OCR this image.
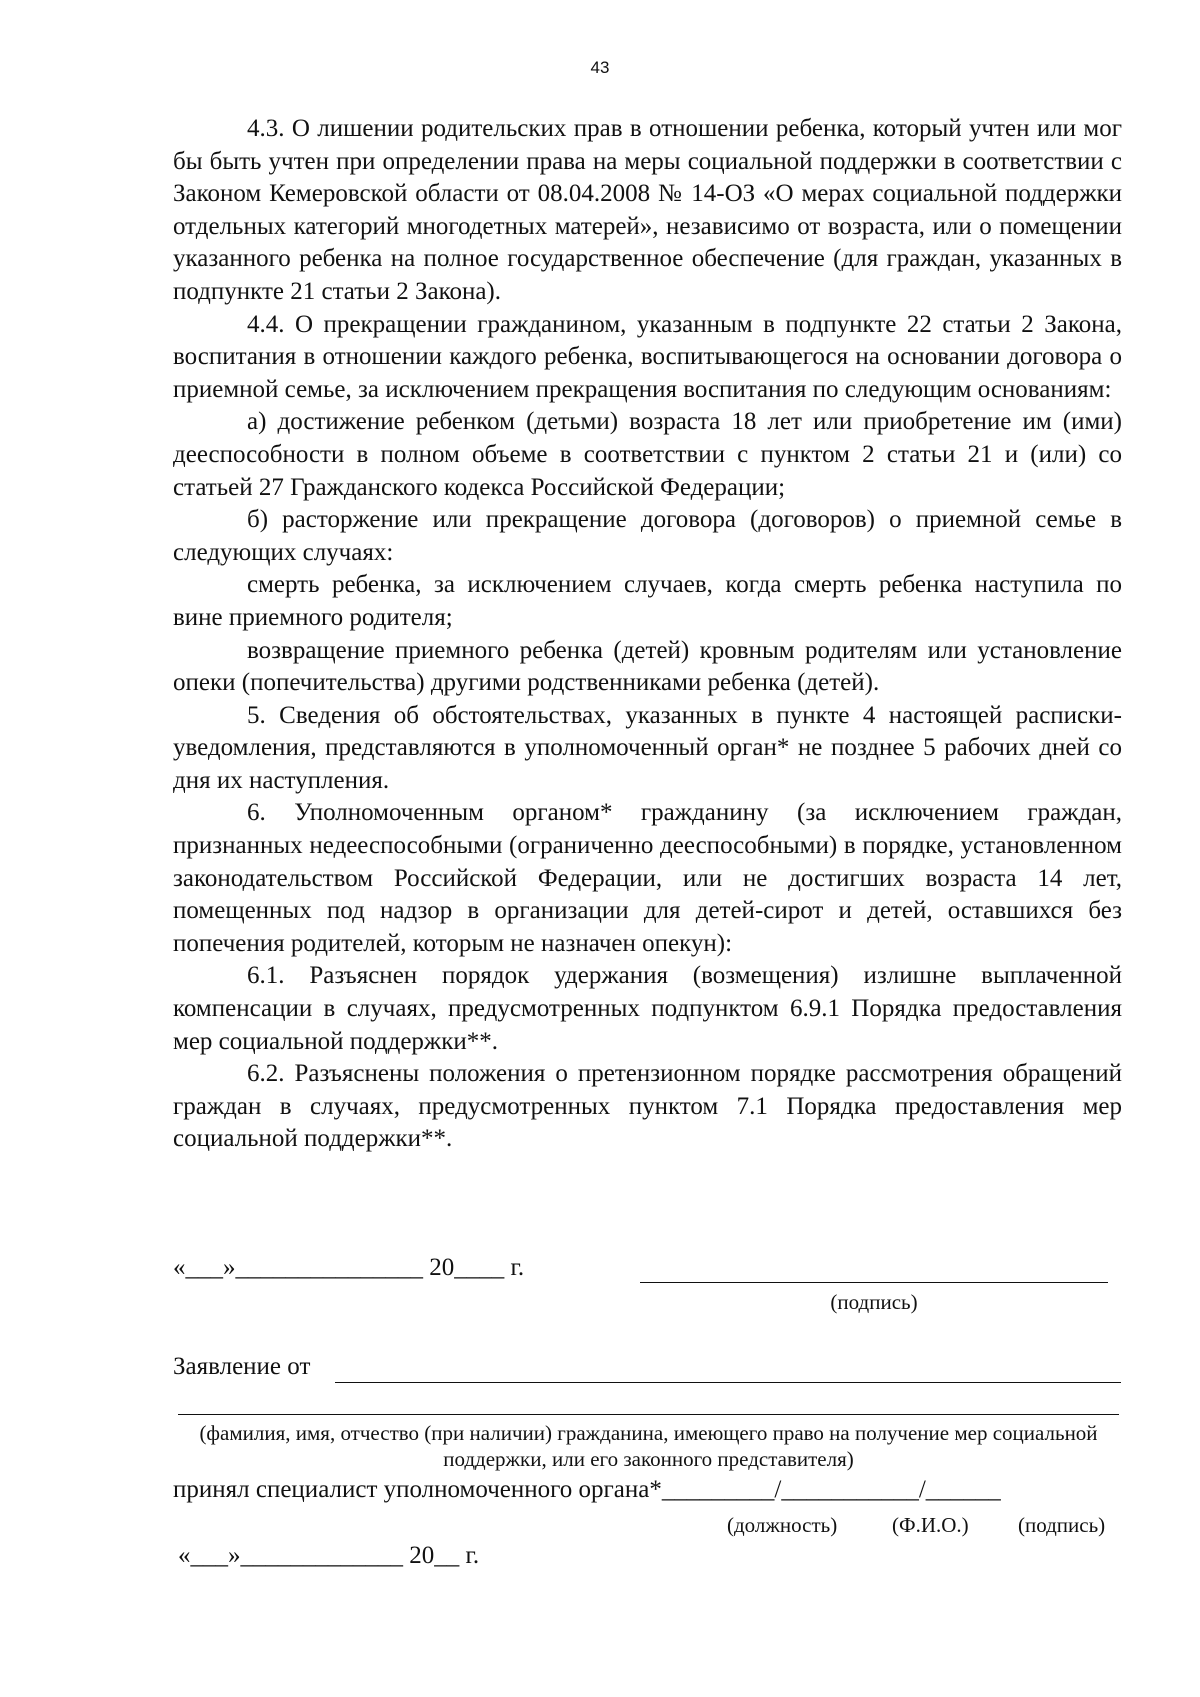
43

4.3. О лишении родительских прав в отношении ребенка, который учтен или мог бы быть учтен при определении права на меры социальной поддержки в соответствии с Законом Кемеровской области от 08.04.2008 № 14-ОЗ «О мерах социальной поддержки отдельных категорий многодетных матерей», независимо от возраста, или о помещении указанного ребенка на полное государственное обеспечение (для граждан, указанных в подпункте 21 статьи 2 Закона).

4.4. О прекращении гражданином, указанным в подпункте 22 статьи 2 Закона, воспитания в отношении каждого ребенка, воспитывающегося на основании договора о приемной семье, за исключением прекращения воспитания по следующим основаниям:

а) достижение ребенком (детьми) возраста 18 лет или приобретение им (ими) дееспособности в полном объеме в соответствии с пунктом 2 статьи 21 и (или) со статьей 27 Гражданского кодекса Российской Федерации;

б) расторжение или прекращение договора (договоров) о приемной семье в следующих случаях:

смерть ребенка, за исключением случаев, когда смерть ребенка наступила по вине приемного родителя;

возвращение приемного ребенка (детей) кровным родителям или установление опеки (попечительства) другими родственниками ребенка (детей).

5. Сведения об обстоятельствах, указанных в пункте 4 настоящей расписки-уведомления, представляются в уполномоченный орган* не позднее 5 рабочих дней со дня их наступления.

6. Уполномоченным органом* гражданину (за исключением граждан, признанных недееспособными (ограниченно дееспособными) в порядке, установленном законодательством Российской Федерации, или не достигших возраста 14 лет, помещенных под надзор в организации для детей-сирот и детей, оставшихся без попечения родителей, которым не назначен опекун):

6.1. Разъяснен порядок удержания (возмещения) излишне выплаченной компенсации в случаях, предусмотренных подпунктом 6.9.1 Порядка предоставления мер социальной поддержки**.

6.2. Разъяснены положения о претензионном порядке рассмотрения обращений граждан в случаях, предусмотренных пунктом 7.1 Порядка предоставления мер социальной поддержки**.

«___»_______________ 20____ г.
(подпись)
Заявление от
(фамилия, имя, отчество (при наличии) гражданина, имеющего право на получение мер социальной поддержки, или его законного представителя)
принял специалист уполномоченного органа*_________/___________/______
(должность)	(Ф.И.О.) (подпись)
«___»_____________ 20__ г.
